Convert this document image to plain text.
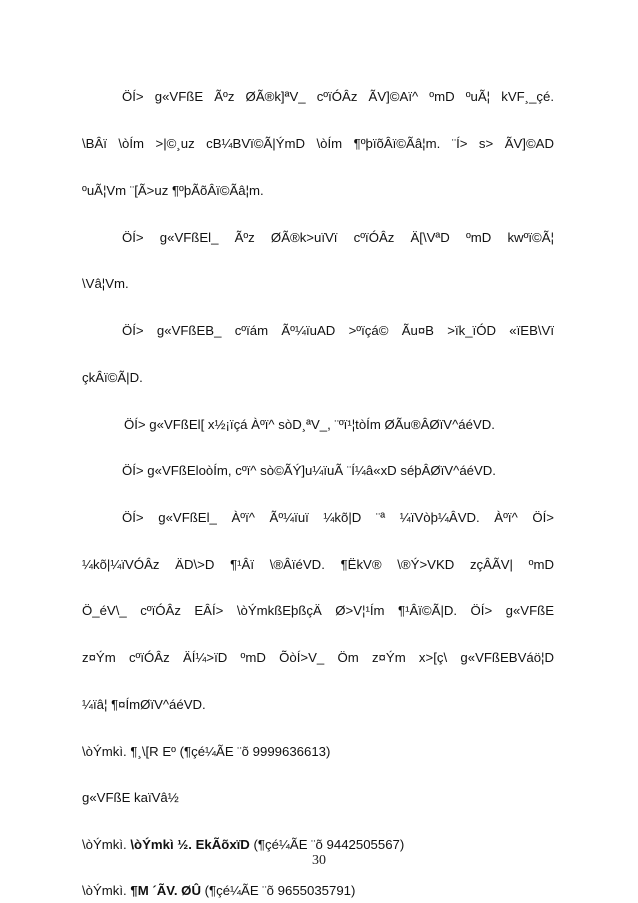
ÖÍ> g«VFßE Ãºz ØÃ®k]ªV_ cºïÓÂz ÃV]©Aï^ ºmD ºuÃ¦ kVF¸_çé.
\BÂï \òÍm >|©¸uz cB¼BVï©Ã|ÝmD \òÍm ¶ºþïõÂï©Ãâ¦m. ¨Í> s> ÃV]©AD
ºuÃ¦Vm ¨[Ã>uz ¶ºþÃõÂï©Ãâ¦m.
ÖÍ> g«VFßEl_ Ãºz ØÃ®k>uïVï cºïÓÂz Ä[\VªD ºmD kwºï©Ã¦
\Vâ¦Vm.
ÖÍ> g«VFßEB_ cºïám Ãº¼ïuAD >ºïçá© Ãu¤B >ïk_ïÓD «ïEB\Vï
çkÂï©Ã|D.
ÖÍ> g«VFßEl[ x½¡ïçá Àºï^ sòD¸ªV_, ¨ºï¹¦tòÍm ØÃu®ÂØïV^áéVD.
ÖÍ> g«VFßEloòÍm, cºï^ sò©ÃÝ]u¼ïuÃ ¨Í¼â«xD séþÂØïV^áéVD.
ÖÍ> g«VFßEl_ Àºï^ Ãº¼ïuï ¼kõ|D ¨ª ¼ïVòþ¼ÂVD. Àºï^ ÖÍ>
¼kõ|¼ïVÓÂz ÄD\>D ¶¹Âï \®ÂïéVD. ¶ËkV® \®Ý>VKD zçÂÃV| ºmD
Ö_éV\_ cºïÓÂz EÂÍ> \òÝmkßEþßçÄ Ø>V¦¹Ím ¶¹Âï©Ã|D. ÖÍ> g«VFßE
z¤Ým cºïÓÂz ÄÍ¼>ïD ºmD ÕòÍ>V_ Öm z¤Ým x>[ç\ g«VFßEBVáö¦D
¼ïâ¦ ¶¤ÍmØïV^áéVD.
\òÝmkì. ¶¸\[R Eº (¶çé¼ÃE ¨õ 9999636613)
g«VFßE kaïVâ½
\òÝmkì. \òÝmkì ½. EkÃõxïD (¶çé¼ÃE ¨õ 9442505567)
\òÝmkì. ¶M ´ÃV. ØÛ (¶çé¼ÃE ¨õ 9655035791)
30
